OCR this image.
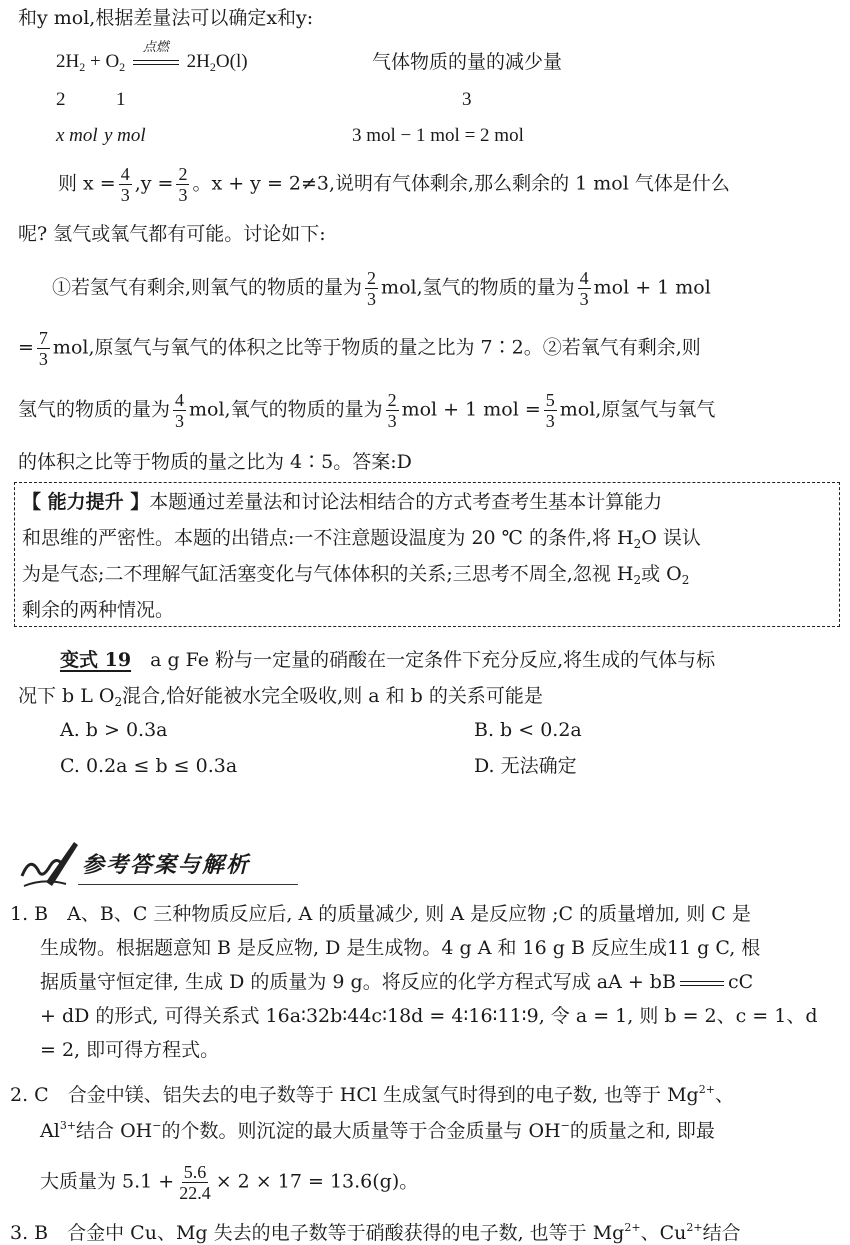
和y mol,根据差量法可以确定x和y:
$2H_2 + O_2$
点燃
$2H_2O(l)$	气体物质的量的减少量
2	1	3
x mol y mol	3 mol − 1 mol = 2 mol
则 $x = \frac{4}{3} ,y = \frac{2}{3}$ 。x + y = 2≠3,说明有气体剩余,那么剩余的 1 mol 气体是什么
呢? 氢气或氧气都有可能。讨论如下:
①若氢气有剩余,则氧气的物质的量为 $\frac{2}{3}$ mol,氢气的物质的量为 $\frac{4}{3}$ mol + 1 mol
= $\frac{7}{3}$ mol,原氢气与氧气的体积之比等于物质的量之比为 7∶2。②若氧气有剩余,则
氢气的物质的量为 $\frac{4}{3}$ mol,氧气的物质的量为 $\frac{2}{3}$ mol + 1 mol = $\frac{5}{3}$ mol,原氢气与氧气
的体积之比等于物质的量之比为 4∶5。答案:D
【 能力提升 】本题通过差量法和讨论法相结合的方式考查考生基本计算能力
和思维的严密性。本题的出错点:一不注意题设温度为 20 ℃ 的条件,将 $H_2O$ 误认
为是气态;二不理解气缸活塞变化与气体体积的关系;三思考不周全,忽视 $H_2$或 $O_2$
剩余的两种情况。
变式 19　 a g Fe 粉与一定量的硝酸在一定条件下充分反应,将生成的气体与标
况下 b L $O_2$混合,恰好能被水完全吸收,则 a 和 b 的关系可能是
A. b > 0.3a	B. b < 0.2a
C. 0.2a ≤ b ≤ 0.3a	D. 无法确定
参考答案与解析
1. B　A、B、C 三种物质反应后, A 的质量减少, 则 A 是反应物 ;C 的质量增加, 则 C 是
生成物。根据题意知 B 是反应物, D 是生成物。4 g A 和 16 g B 反应生成11 g C, 根
据质量守恒定律, 生成 D 的质量为 9 g。将反应的化学方程式写成 aA + bB	cC
+ dD 的形式, 可得关系式 16a∶32b∶44c∶18d = 4∶16∶11∶9, 令 a = 1, 则 b = 2、c = 1、d
= 2, 即可得方程式。
2. C　合金中镁、铝失去的电子数等于 HCl 生成氢气时得到的电子数, 也等于 $Mg^{2+}$、
$Al^{3+}$结合 OH−的个数。则沉淀的最大质量等于合金质量与 OH−的质量之和, 即最
大质量为 $5.1 + \frac{5.6}{22.4} \times 2 \times 17 = 13.6(g)$。
3. B　合金中 Cu、Mg 失去的电子数等于硝酸获得的电子数, 也等于 $Mg^{2+}$、$Cu^{2+}$结合
